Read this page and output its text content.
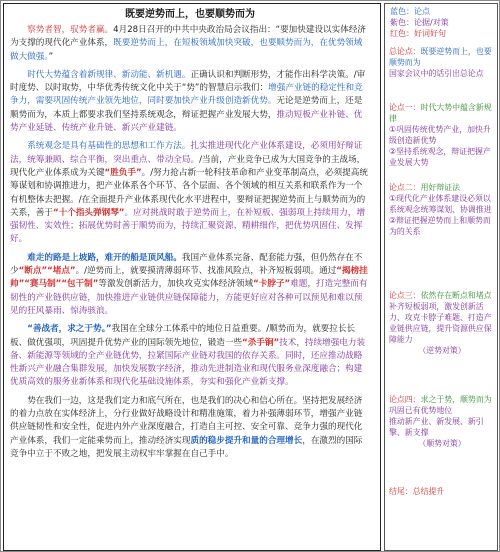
既要逆势而上，也要顺势而为

察势者智，驭势者赢。4月28日召开的中共中央政治局会议指出：“要加快建设以实体经济为支撑的现代化产业体系，既要逆势而上，在短板领域加快突破，也要顺势而为，在优势领域做大做强。”

时代大势蕴含着新规律、新动能、新机遇。正确认识和判断形势，才能作出科学决策。/审时度势、以时取势，中华优秀传统文化中关于“势”的智慧启示我们：增强产业链的稳定性和竞争力，需要巩固传统产业领先地位，同时要加快产业升级创造新优势。无论是逆势而上，还是顺势而为，本质上都要求我们坚持系统观念，辩证把握产业发展大势，推动短板产业补链、优势产业延链、传统产业升链、新兴产业建链。

系统观念是具有基础性的思想和工作方法。扎实推进现代化产业体系建设，必须用好辩证法，统筹兼顾、综合平衡，突出重点、带动全局。/当前，产业竞争已成为大国竞争的主战场，现代化产业体系成为关键“胜负手”。/努力抢占新一轮科技革命和产业变革制高点，必须提高统筹谋划和协调推进力，把产业体系各个环节、各个层面、各个领域的相互关系和联系作为一个有机整体去把握。/在全面提升产业体系现代化水平进程中，要辩证把握逆势而上与顺势而为的关系，善于“十个指头弹钢琴”。应对挑战时敢于逆势而上，在补短板、强弱项上持续用力，增强韧性、实效性；拓展优势时善于顺势而为，持续汇聚资源、精耕细作，把优势巩固住、发挥好。

难走的路是上坡路，难开的船是顶风船。我国产业体系完备、配套能力强，但仍然存在不少“断点”“堵点”。/逆势而上，就要摸清薄弱环节、找准风险点，补齐短板弱项。通过“揭榜挂帅”“赛马制”“包干制”等激发创新活力，加快攻克实体经济领域“卡脖子”难题，打造完整而有韧性的产业链供应链，加快推进产业链供应链保障能力，方能更好应对各种可以预见和难以预见的狂风暴雨、惊涛骇浪。

“善战者，求之于势。”我国在全球分工体系中的地位日益重要。/顺势而为，就要拉长长板、做优强项，巩固提升优势产业的国际领先地位，锻造一些“杀手锏”技术，持续增强电力装备、新能源等领域的全产业链优势，拉紧国际产业链对我国的依存关系。同时，还应推动战略性新兴产业融合集群发展，加快发展数字经济，推动先进制造业和现代服务业深度融合；构建优质高效的服务业新体系和现代化基础设施体系，夯实和强化产业新支撑。

势在我们一边，这是我们定力和底气所在，也是我们的决心和信心所在。坚持把发展经济的着力点放在实体经济上，分行业做好战略设计和精准施策，着力补强薄弱环节，增强产业链供应链韧性和安全性，促进内外产业深度融合，打造自主可控、安全可靠、竞争力强的现代化产业体系，我们一定能乘势而上，推动经济实现质的稳步提升和量的合理增长，在激烈的国际竞争中立于不败之地，把发展主动权牢牢掌握在自己手中。

蓝色：论点
紫色：论据/对策
红色：好词好句
总论点：既要逆势而上，也要顺势而为
国家会议中的话引出总论点
论点一：时代大势中蕴含新规律
①巩固传统优势产业，加快升级创造新优势
②坚持系统观念，辩证把握产业发展大势
论点二：用好辩证法
①现代化产业体系建设必须以系统观念统筹谋划、协调推进
②辩证把握逆势而上和顺势而为的关系
论点三：依然存在断点和堵点
补齐短板弱项，激发创新活力、攻克卡脖子难题、打造产业链供应链，提升资源供应保障能力
（逆势对策）
论点四：求之于势，顺势而为
巩固已有优势地位
推动新产业、新发展、新引擎、新支撑
（顺势对策）
结尾：总结提升
